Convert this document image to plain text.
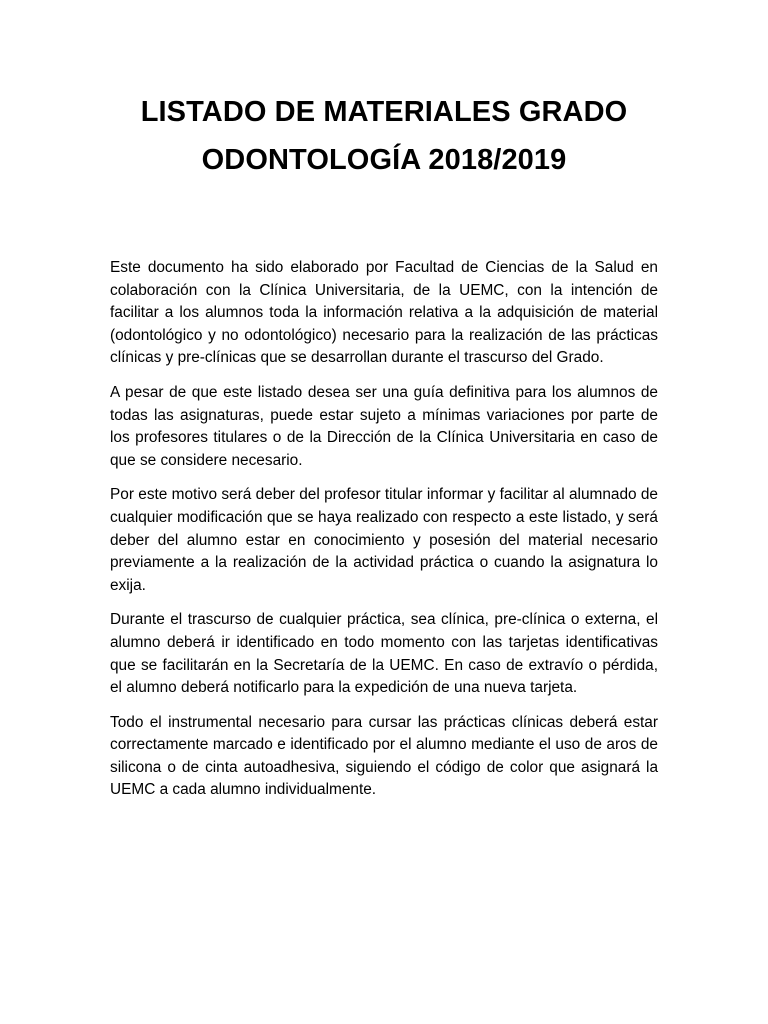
LISTADO DE MATERIALES GRADO
ODONTOLOGÍA 2018/2019

Este documento ha sido elaborado por Facultad de Ciencias de la Salud en colaboración con la Clínica Universitaria, de la UEMC, con la intención de facilitar a los alumnos toda la información relativa a la adquisición de material (odontológico y no odontológico) necesario para la realización de las prácticas clínicas y pre-clínicas que se desarrollan durante el trascurso del Grado.

A pesar de que este listado desea ser una guía definitiva para los alumnos de todas las asignaturas, puede estar sujeto a mínimas variaciones por parte de los profesores titulares o de la Dirección de la Clínica Universitaria en caso de que se considere necesario.

Por este motivo será deber del profesor titular informar y facilitar al alumnado de cualquier modificación que se haya realizado con respecto a este listado, y será deber del alumno estar en conocimiento y posesión del material necesario previamente a la realización de la actividad práctica o cuando la asignatura lo exija.

Durante el trascurso de cualquier práctica, sea clínica, pre-clínica o externa, el alumno deberá ir identificado en todo momento con las tarjetas identificativas que se facilitarán en la Secretaría de la UEMC. En caso de extravío o pérdida, el alumno deberá notificarlo para la expedición de una nueva tarjeta.

Todo el instrumental necesario para cursar las prácticas clínicas deberá estar correctamente marcado e identificado por el alumno mediante el uso de aros de silicona o de cinta autoadhesiva, siguiendo el código de color que asignará la UEMC a cada alumno individualmente.
